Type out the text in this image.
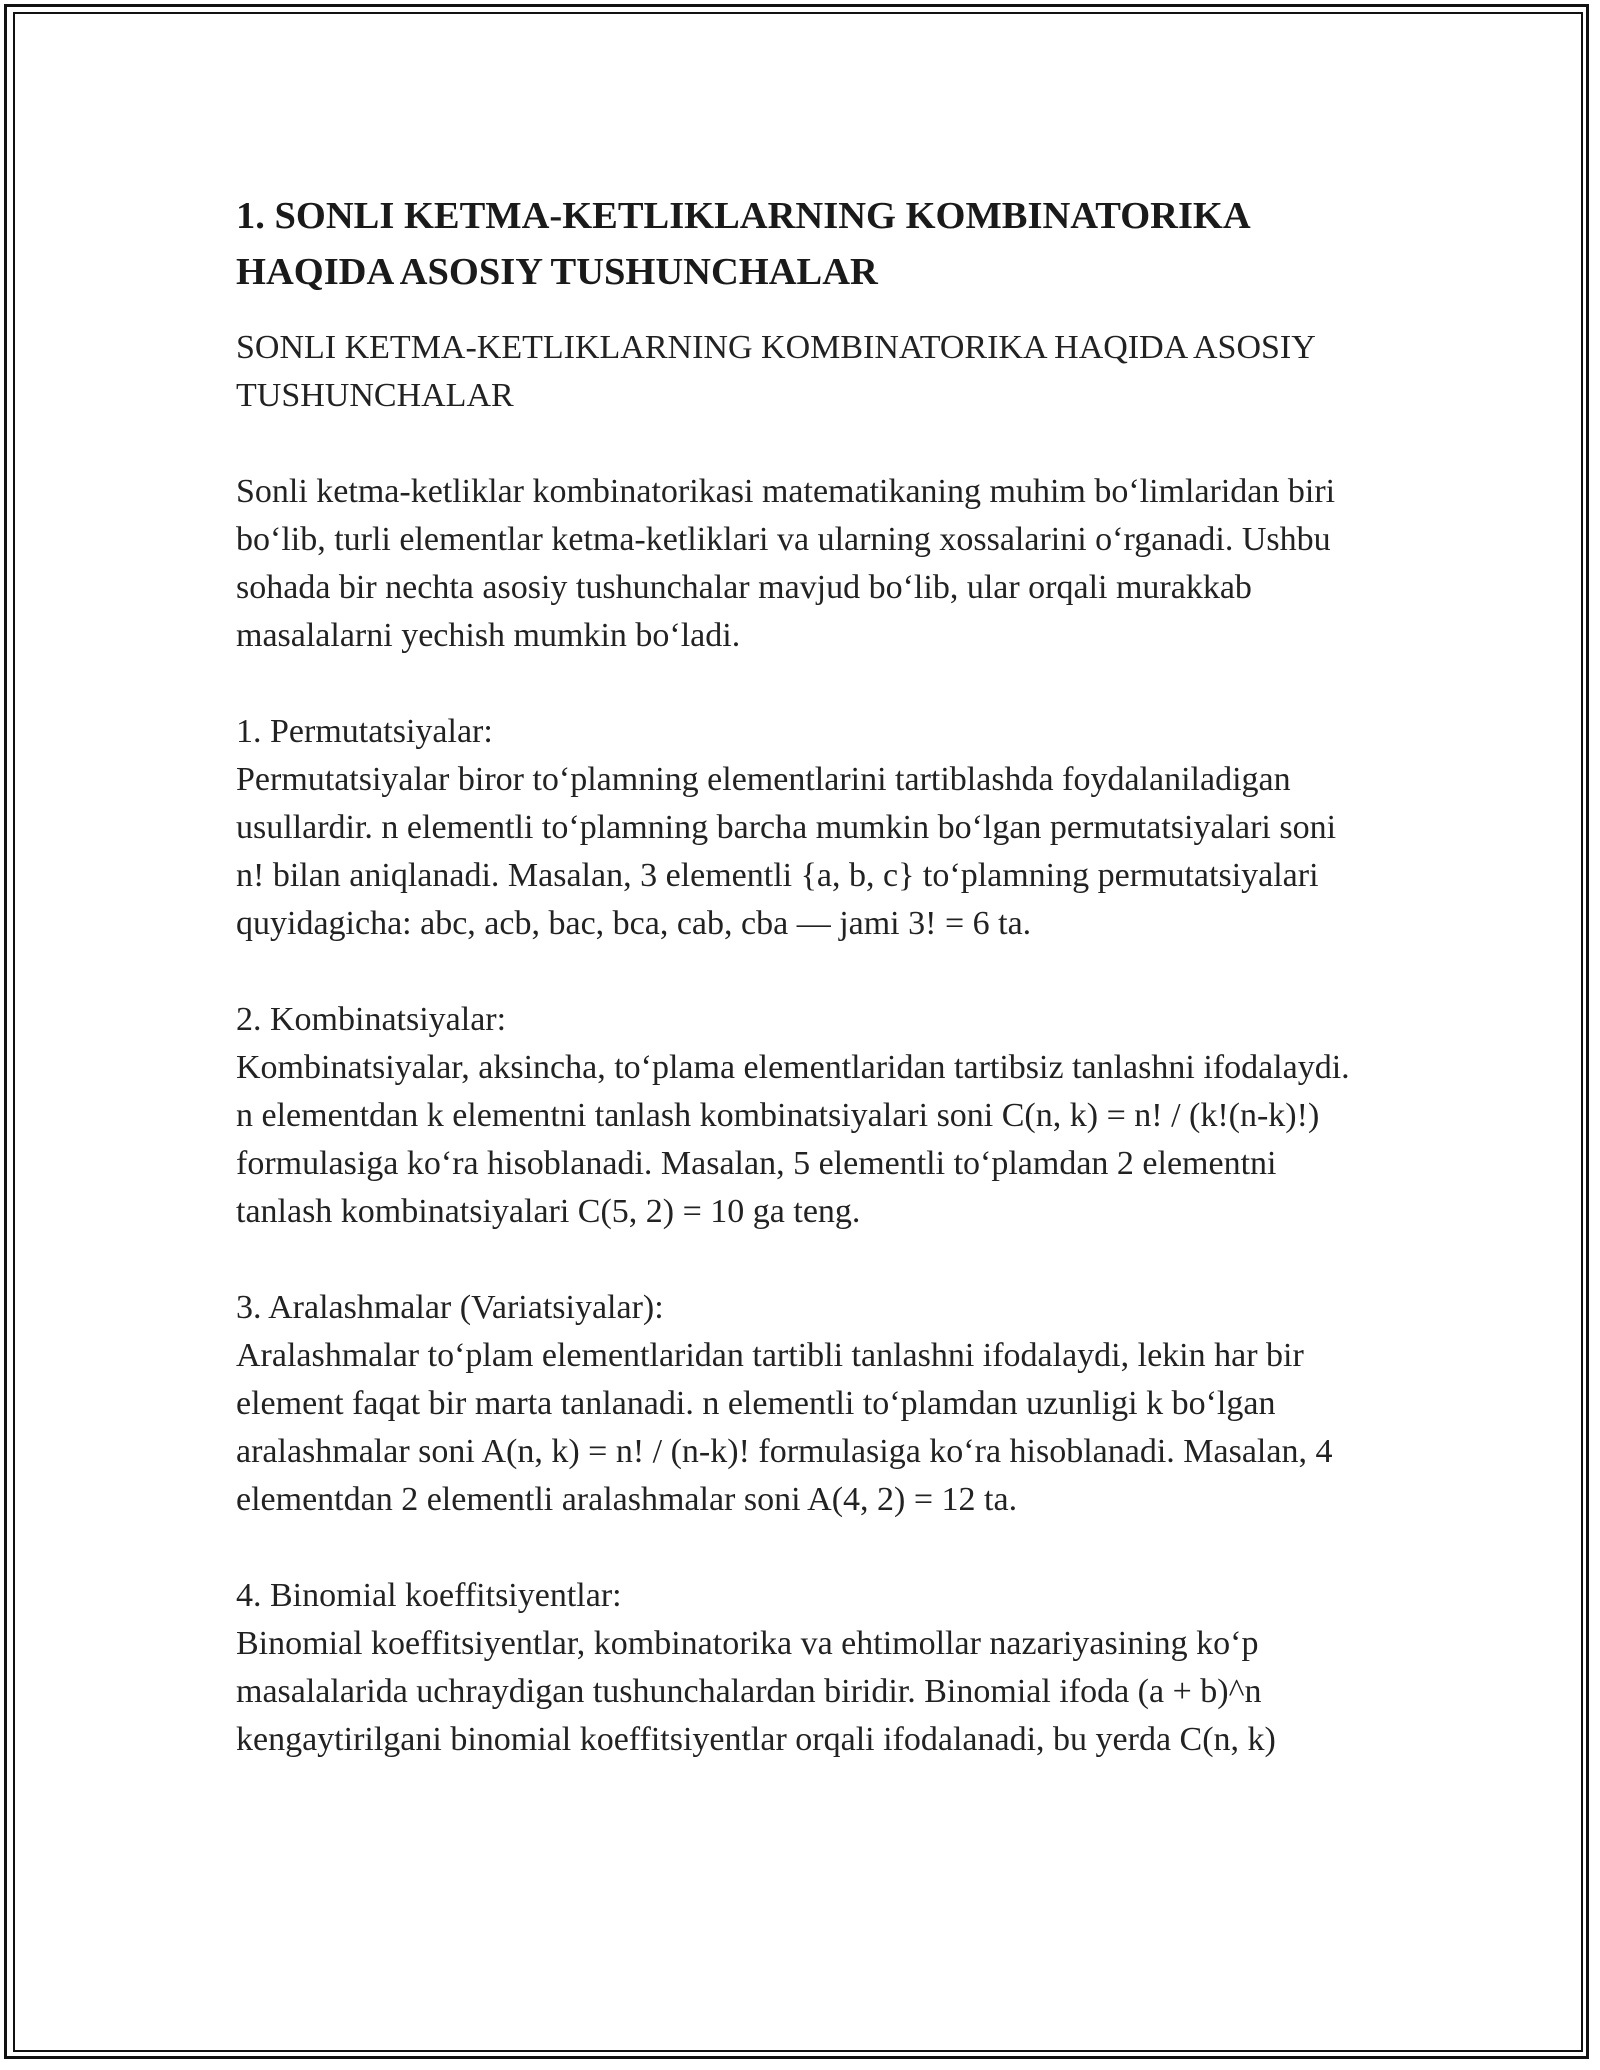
1. SONLI KETMA-KETLIKLARNING KOMBINATORIKA HAQIDA ASOSIY TUSHUNCHALAR

SONLI KETMA-KETLIKLARNING KOMBINATORIKA HAQIDA ASOSIY TUSHUNCHALAR

Sonli ketma-ketliklar kombinatorikasi matematikaning muhim bo‘limlaridan biri bo‘lib, turli elementlar ketma-ketliklari va ularning xossalarini o‘rganadi. Ushbu sohada bir nechta asosiy tushunchalar mavjud bo‘lib, ular orqali murakkab masalalarni yechish mumkin bo‘ladi.

1. Permutatsiyalar:

Permutatsiyalar biror to‘plamning elementlarini tartiblashda foydalaniladigan usullardir. n elementli to‘plamning barcha mumkin bo‘lgan permutatsiyalari soni n! bilan aniqlanadi. Masalan, 3 elementli {a, b, c} to‘plamning permutatsiyalari quyidagicha: abc, acb, bac, bca, cab, cba — jami 3! = 6 ta.

2. Kombinatsiyalar:

Kombinatsiyalar, aksincha, to‘plama elementlaridan tartibsiz tanlashni ifodalaydi. n elementdan k elementni tanlash kombinatsiyalari soni C(n, k) = n! / (k!(n-k)!) formulasiga ko‘ra hisoblanadi. Masalan, 5 elementli to‘plamdan 2 elementni tanlash kombinatsiyalari C(5, 2) = 10 ga teng.

3. Aralashmalar (Variatsiyalar):

Aralashmalar to‘plam elementlaridan tartibli tanlashni ifodalaydi, lekin har bir element faqat bir marta tanlanadi. n elementli to‘plamdan uzunligi k bo‘lgan aralashmalar soni A(n, k) = n! / (n-k)! formulasiga ko‘ra hisoblanadi. Masalan, 4 elementdan 2 elementli aralashmalar soni A(4, 2) = 12 ta.

4. Binomial koeffitsiyentlar:

Binomial koeffitsiyentlar, kombinatorika va ehtimollar nazariyasining ko‘p masalalarida uchraydigan tushunchalardan biridir. Binomial ifoda (a + b)^n kengaytirilgani binomial koeffitsiyentlar orqali ifodalanadi, bu yerda C(n, k)
